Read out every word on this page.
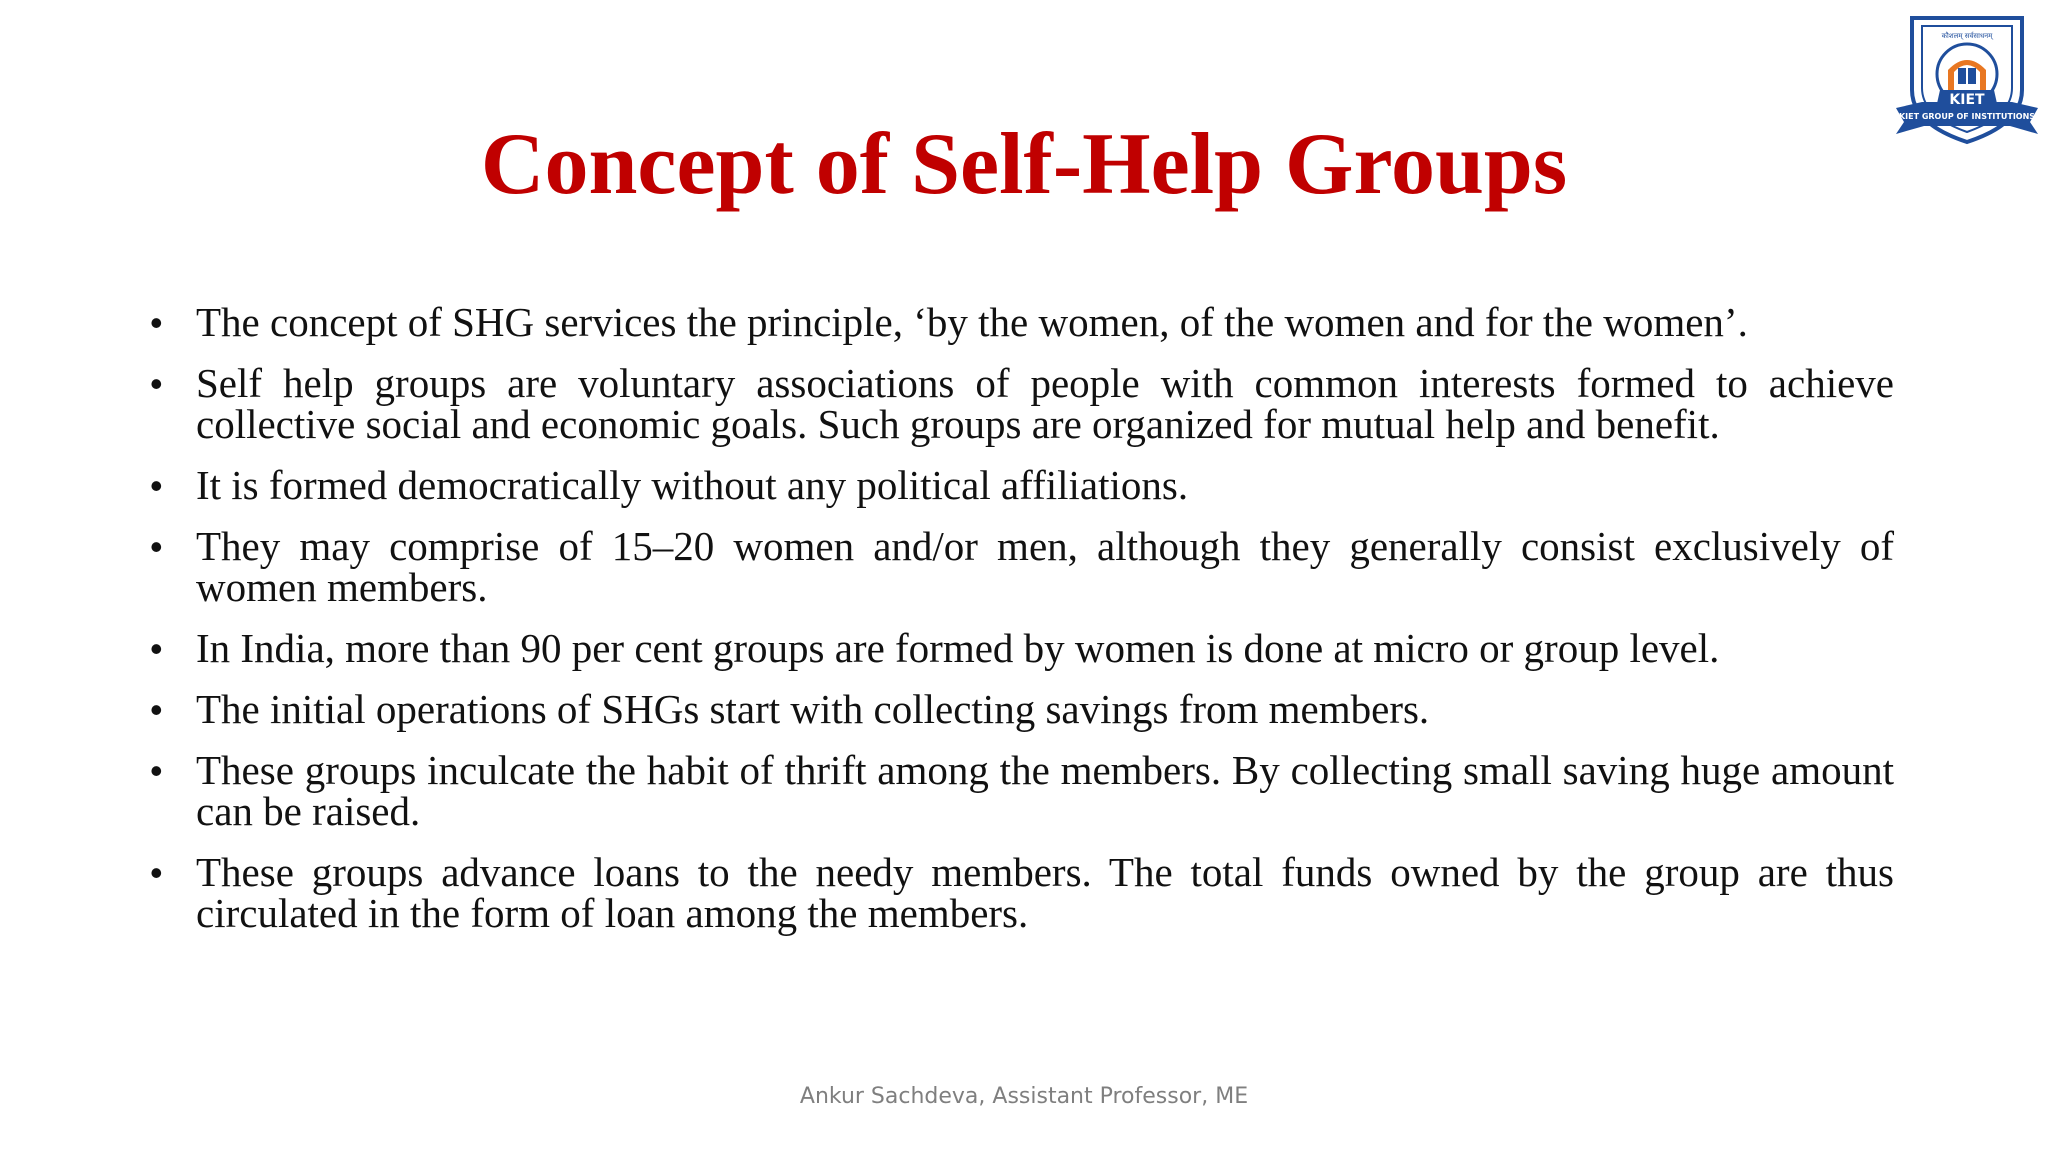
KIET
कौशलम् सर्वसाधनम्
KIET GROUP OF INSTITUTIONS
Concept of Self-Help Groups
• The concept of SHG services the principle, ‘by the women, of the women and for the women’.
• Self help groups are voluntary associations of people with common interests formed to achieve collective social and economic goals. Such groups are organized for mutual help and benefit.
• It is formed democratically without any political affiliations.
• They may comprise of 15–20 women and/or men, although they generally consist exclusively of women members.
• In India, more than 90 per cent groups are formed by women is done at micro or group level.
• The initial operations of SHGs start with collecting savings from members.
• These groups inculcate the habit of thrift among the members. By collecting small saving huge amount can be raised.
• These groups advance loans to the needy members. The total funds owned by the group are thus circulated in the form of loan among the members.
Ankur Sachdeva, Assistant Professor, ME
